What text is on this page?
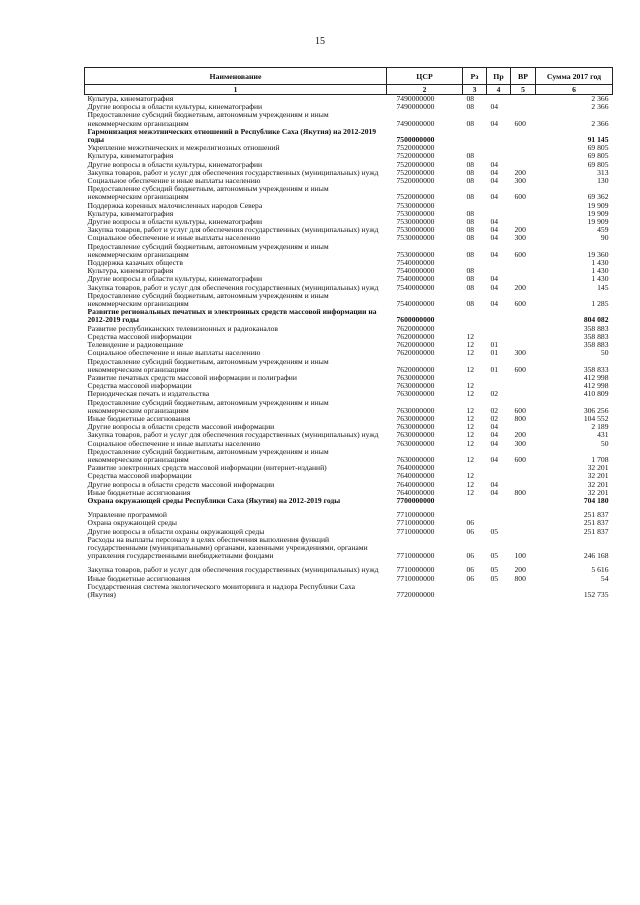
15
Наименование	ЦСР	Рз	Пр	ВР	Сумма 2017 год
1	2	3	4	5	6
Культура, кинематография	7490000000	08			2 366
Другие вопросы в области культуры, кинематографии	7490000000	08	04		2 366
Предоставление субсидий бюджетным, автономным учреждениям и иным некоммерческим организациям	7490000000	08	04	600	2 366
Гармонизация межэтнических отношений в Республике Саха (Якутия) на 2012-2019 годы	7500000000				91 145
Укрепление межэтнических и межрелигиозных отношений	7520000000				69 805
Культура, кинематография	7520000000	08			69 805
Другие вопросы в области культуры, кинематографии	7520000000	08	04		69 805
Закупка товаров, работ и услуг для обеспечения государственных (муниципальных) нужд	7520000000	08	04	200	313
Социальное обеспечение и иные выплаты населению	7520000000	08	04	300	130
Предоставление субсидий бюджетным, автономным учреждениям и иным некоммерческим организациям	7520000000	08	04	600	69 362
Поддержка коренных малочисленных народов Севера	7530000000				19 909
Культура, кинематография	7530000000	08			19 909
Другие вопросы в области культуры, кинематографии	7530000000	08	04		19 909
Закупка товаров, работ и услуг для обеспечения государственных (муниципальных) нужд	7530000000	08	04	200	459
Социальное обеспечение и иные выплаты населению	7530000000	08	04	300	90
Предоставление субсидий бюджетным, автономным учреждениям и иным некоммерческим организациям	7530000000	08	04	600	19 360
Поддержка казачьих обществ	7540000000				1 430
Культура, кинематография	7540000000	08			1 430
Другие вопросы в области культуры, кинематографии	7540000000	08	04		1 430
Закупка товаров, работ и услуг для обеспечения государственных (муниципальных) нужд	7540000000	08	04	200	145
Предоставление субсидий бюджетным, автономным учреждениям и иным некоммерческим организациям	7540000000	08	04	600	1 285
Развитие региональных печатных и электронных средств массовой информации на 2012-2019 годы	7600000000				804 082
Развитие республиканских телевизионных и радиоканалов	7620000000				358 883
Средства массовой информации	7620000000	12			358 883
Телевидение и радиовещание	7620000000	12	01		358 883
Социальное обеспечение и иные выплаты населению	7620000000	12	01	300	50
Предоставление субсидий бюджетным, автономным учреждениям и иным некоммерческим организациям	7620000000	12	01	600	358 833
Развитие печатных средств массовой информации и полиграфии	7630000000				412 998
Средства массовой информации	7630000000	12			412 998
Периодическая печать и издательства	7630000000	12	02		410 809
Предоставление субсидий бюджетным, автономным учреждениям и иным некоммерческим организациям	7630000000	12	02	600	306 256
Иные бюджетные ассигнования	7630000000	12	02	800	104 552
Другие вопросы в области средств массовой информации	7630000000	12	04		2 189
Закупка товаров, работ и услуг для обеспечения государственных (муниципальных) нужд	7630000000	12	04	200	431
Социальное обеспечение и иные выплаты населению	7630000000	12	04	300	50
Предоставление субсидий бюджетным, автономным учреждениям и иным некоммерческим организациям	7630000000	12	04	600	1 708
Развитие электронных средств массовой информации (интернет-изданий)	7640000000				32 201
Средства массовой информации	7640000000	12			32 201
Другие вопросы в области средств массовой информации	7640000000	12	04		32 201
Иные бюджетные ассигнования	7640000000	12	04	800	32 201
Охрана окружающей среды Республики Саха (Якутия) на 2012-2019 годы	7700000000				704 180
Управление программой	7710000000				251 837
Охрана окружающей среды	7710000000	06			251 837
Другие вопросы в области охраны окружающей среды	7710000000	06	05		251 837
Расходы на выплаты персоналу в целях обеспечения выполнения функций государственными (муниципальными) органами, казенными учреждениями, органами управления государственными внебюджетными фондами	7710000000	06	05	100	246 168
Закупка товаров, работ и услуг для обеспечения государственных (муниципальных) нужд	7710000000	06	05	200	5 616
Иные бюджетные ассигнования	7710000000	06	05	800	54
Государственная система экологического мониторинга и надзора Республики Саха (Якутия)	7720000000				152 735
